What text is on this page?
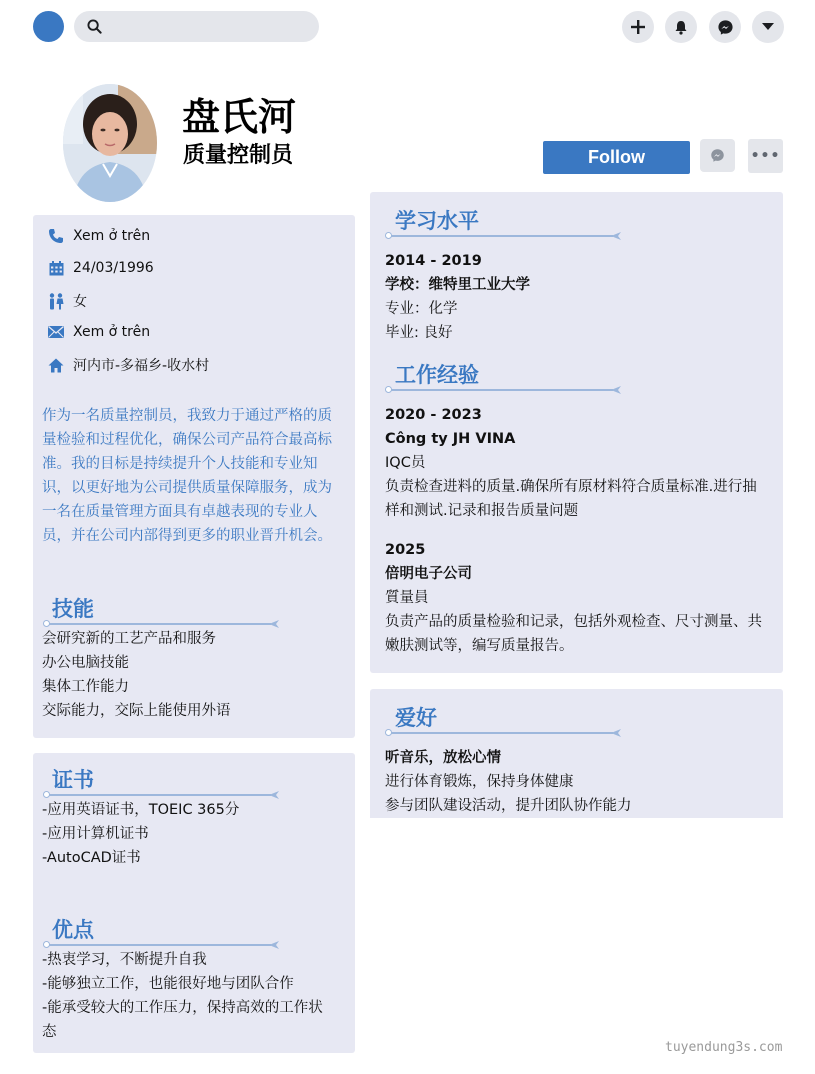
盘氏河
质量控制员	Follow	•••
Xem ở trên
24/03/1996
女
Xem ở trên
河内市-多福乡-收水村
作为一名质量控制员，我致力于通过严格的质量检验和过程优化，确保公司产品符合最高标准。我的目标是持续提升个人技能和专业知识，以更好地为公司提供质量保障服务，成为一名在质量管理方面具有卓越表现的专业人员，并在公司内部得到更多的职业晋升机会。
技能
会研究新的工艺产品和服务
办公电脑技能
集体工作能力
交际能力，交际上能使用外语
证书
-应用英语证书，TOEIC 365分
-应用计算机证书
-AutoCAD证书
优点
-热衷学习，不断提升自我
-能够独立工作，也能很好地与团队合作
-能承受较大的工作压力，保持高效的工作状态
学习水平
2014 - 2019
学校：维特里工业大学
专业：化学
毕业: 良好
工作经验
2020 - 2023
Công ty JH VINA
IQC员
负责检查进料的质量.确保所有原材料符合质量标准.进行抽样和测试.记录和报告质量问题
2025
倍明电子公司
質量員
负责产品的质量检验和记录，包括外观检查、尺寸测量、共嫩肤测试等，编写质量报告。
爱好
听音乐，放松心情
进行体育锻炼，保持身体健康
参与团队建设活动，提升团队协作能力
tuyendung3s.com
